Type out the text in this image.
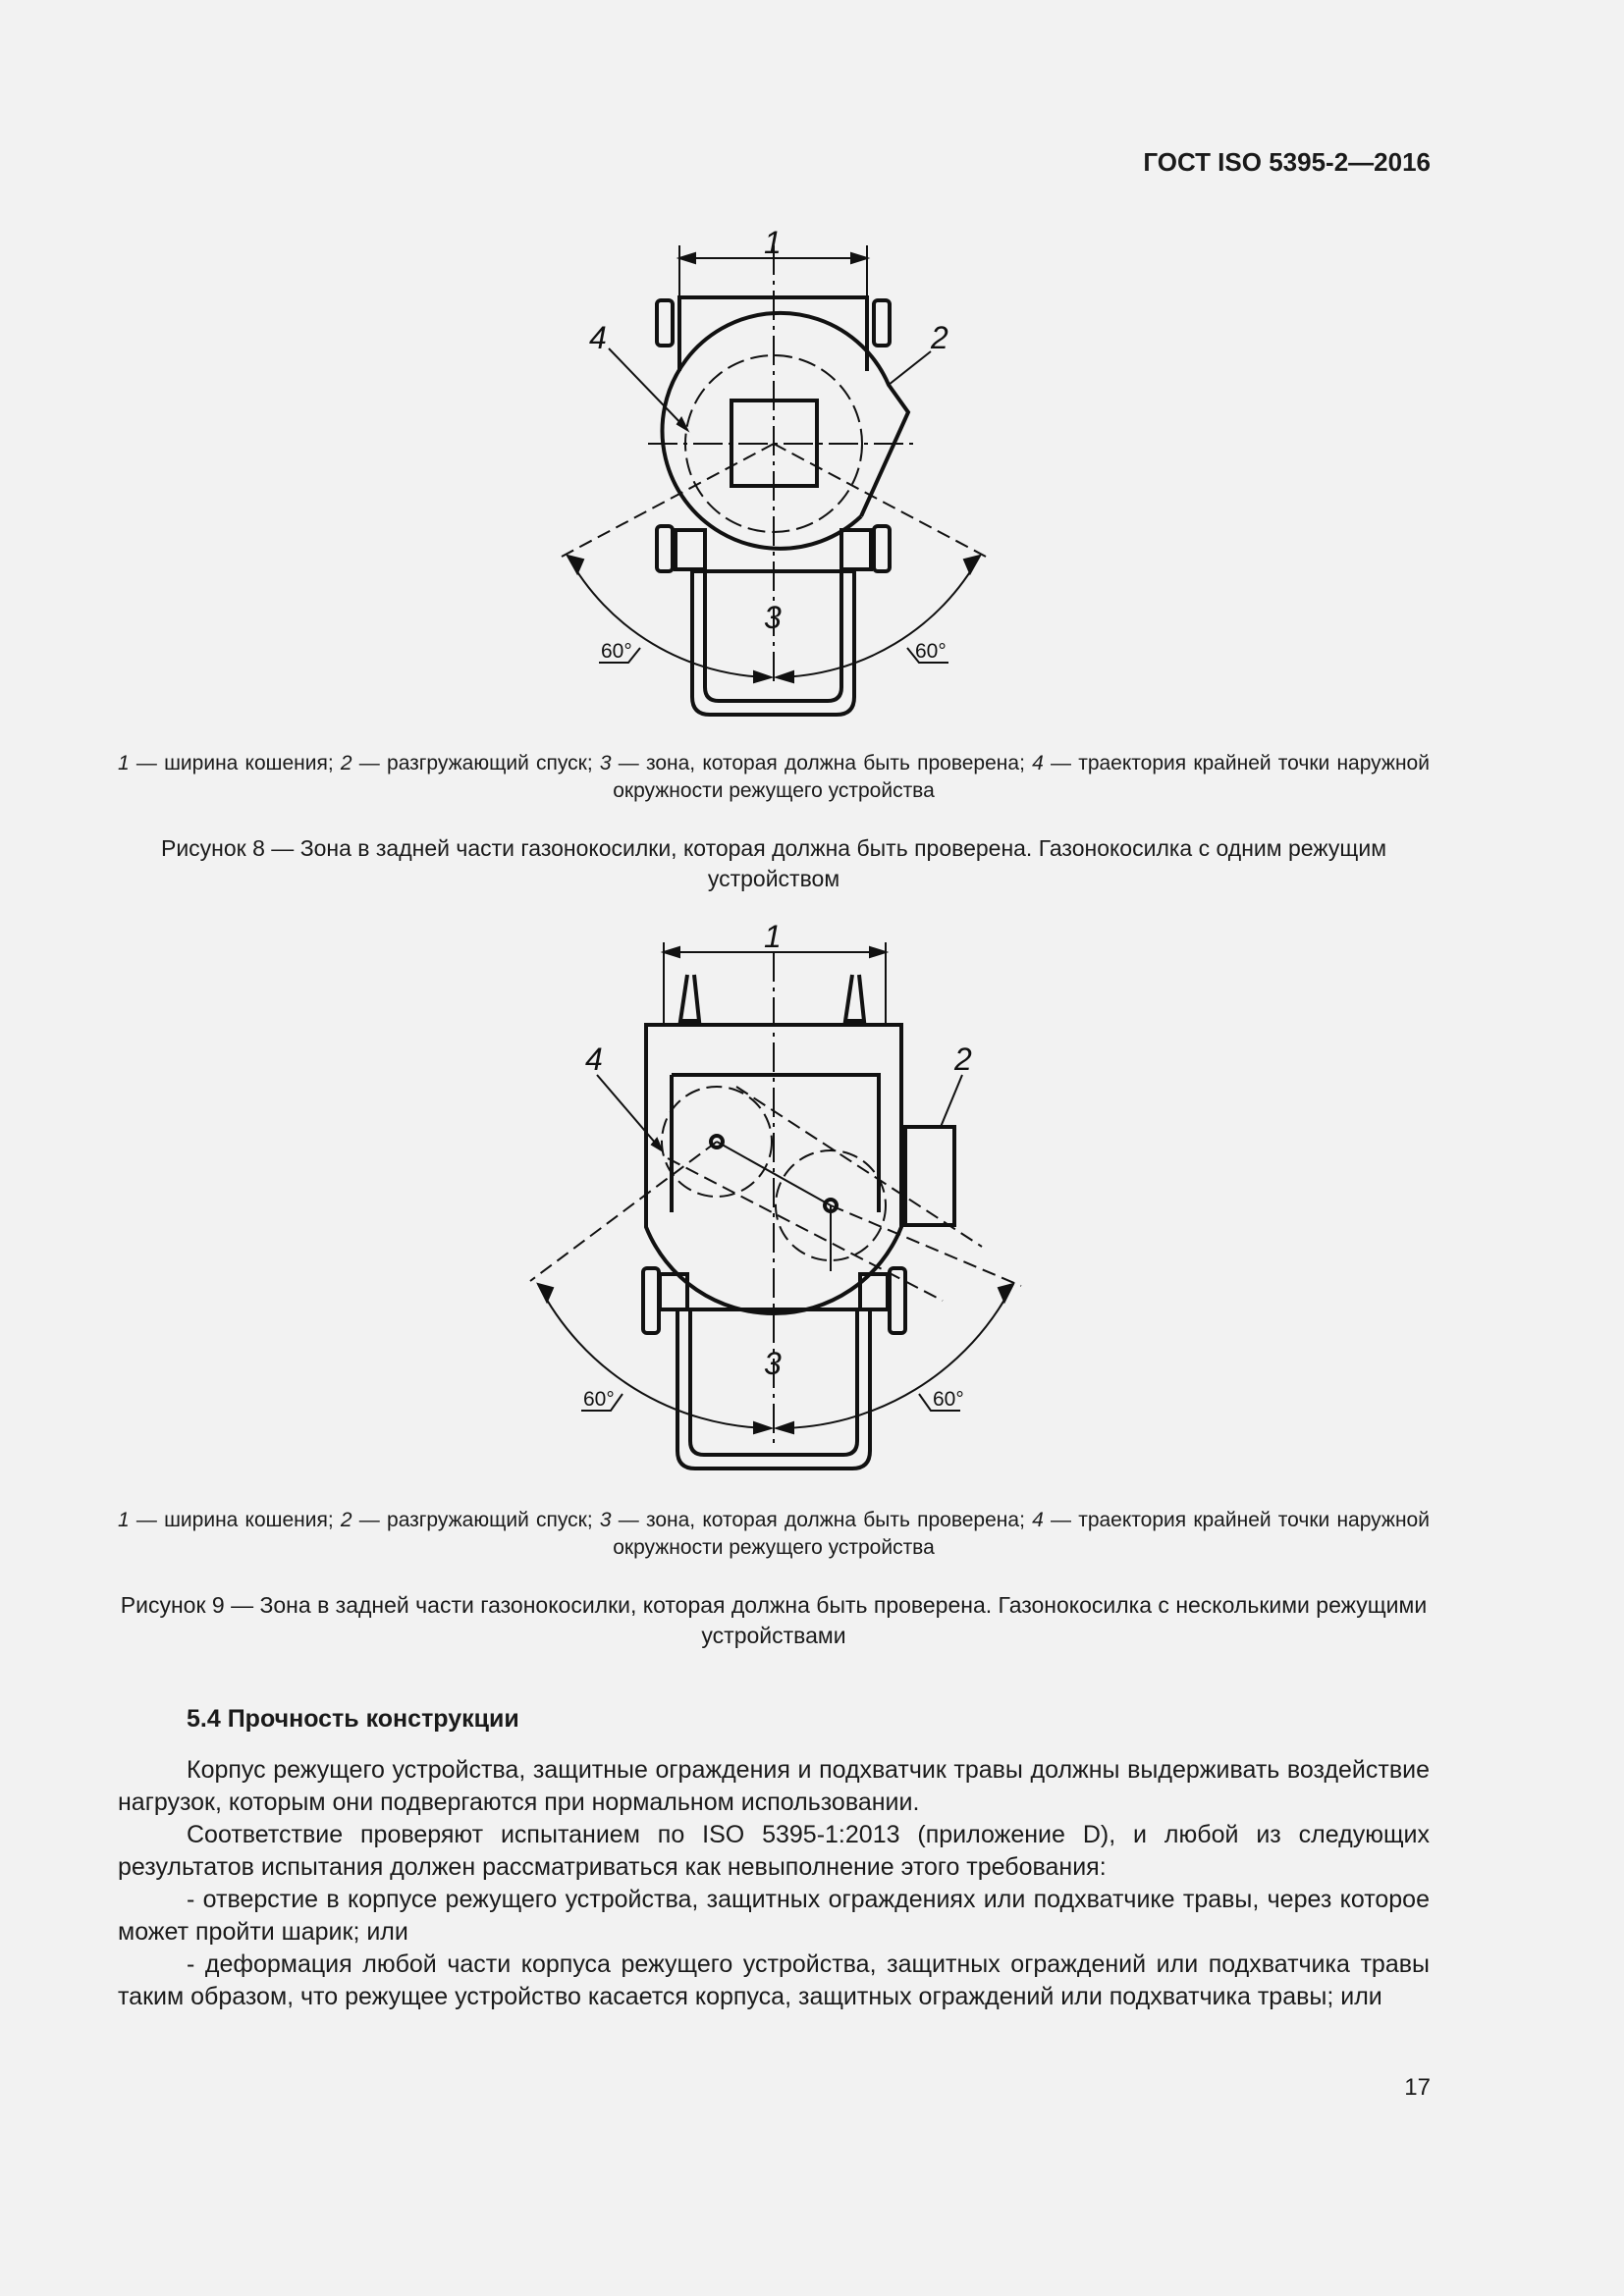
ГОСТ ISO 5395-2—2016
1
4	2
3
60°	60°
1 — ширина кошения; 2 — разгружающий спуск; 3 — зона, которая должна быть проверена; 4 — траектория крайней точки наружной окружности режущего устройства
Рисунок 8 — Зона в задней части газонокосилки, которая должна быть проверена. Газонокосилка с одним режущим устройством
1
4	2
3
60°	60°
1 — ширина кошения; 2 — разгружающий спуск; 3 — зона, которая должна быть проверена; 4 — траектория крайней точки наружной окружности режущего устройства
Рисунок 9 — Зона в задней части газонокосилки, которая должна быть проверена. Газонокосилка с несколькими режущими устройствами
5.4 Прочность конструкции

Корпус режущего устройства, защитные ограждения и подхватчик травы должны выдерживать воздействие нагрузок, которым они подвергаются при нормальном использовании.

Соответствие проверяют испытанием по ISO 5395-1:2013 (приложение D), и любой из следующих результатов испытания должен рассматриваться как невыполнение этого требования:

- отверстие в корпусе режущего устройства, защитных ограждениях или подхватчике травы, через которое может пройти шарик; или

- деформация любой части корпуса режущего устройства, защитных ограждений или подхватчика травы таким образом, что режущее устройство касается корпуса, защитных ограждений или подхватчика травы; или

17
